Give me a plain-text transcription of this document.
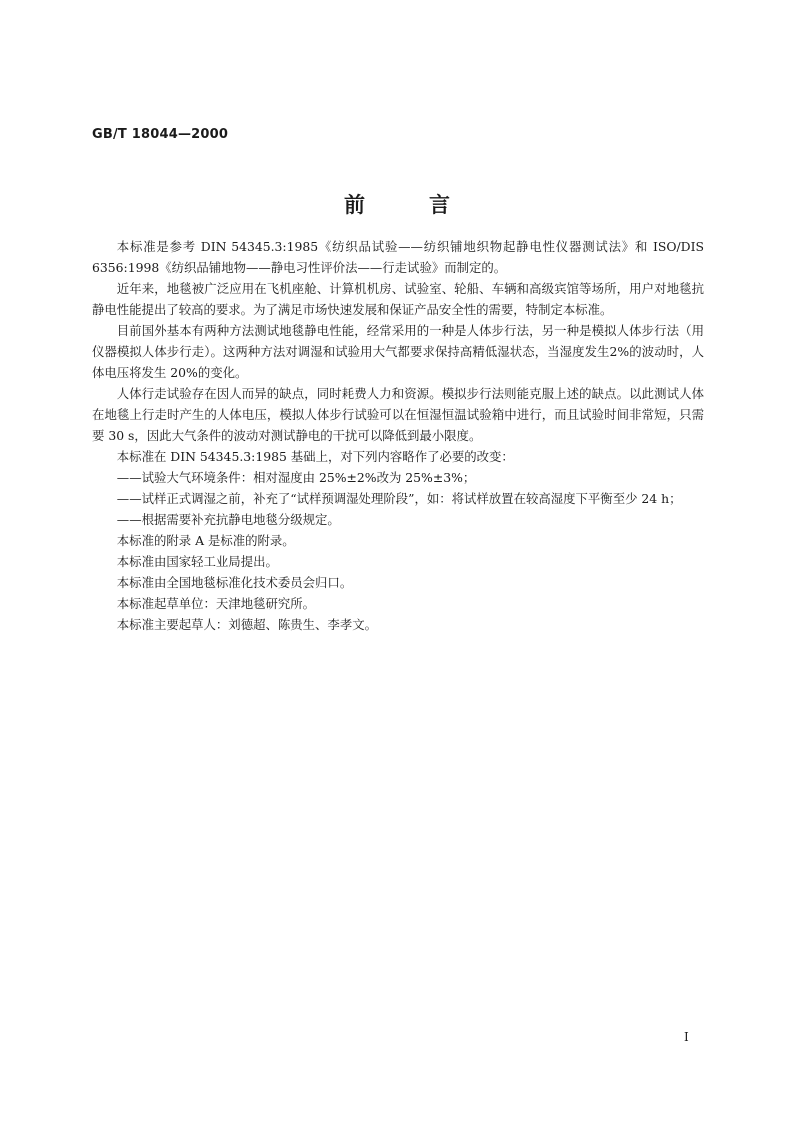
GB/T 18044—2000
前言

本标准是参考 DIN 54345.3:1985《纺织品试验——纺织铺地织物起静电性仪器测试法》和 ISO/DIS 6356:1998《纺织品铺地物——静电习性评价法——行走试验》而制定的。

近年来，地毯被广泛应用在飞机座舱、计算机机房、试验室、轮船、车辆和高级宾馆等场所，用户对地毯抗静电性能提出了较高的要求。为了满足市场快速发展和保证产品安全性的需要，特制定本标准。

目前国外基本有两种方法测试地毯静电性能，经常采用的一种是人体步行法，另一种是模拟人体步行法（用仪器模拟人体步行走）。这两种方法对调湿和试验用大气都要求保持高精低湿状态，当湿度发生2%的波动时，人体电压将发生 20%的变化。

人体行走试验存在因人而异的缺点，同时耗费人力和资源。模拟步行法则能克服上述的缺点。以此测试人体在地毯上行走时产生的人体电压，模拟人体步行试验可以在恒湿恒温试验箱中进行，而且试验时间非常短，只需要 30 s，因此大气条件的波动对测试静电的干扰可以降低到最小限度。

本标准在 DIN 54345.3:1985 基础上，对下列内容略作了必要的改变：

——试验大气环境条件：相对湿度由 25%±2%改为 25%±3%；

——试样正式调湿之前，补充了“试样预调湿处理阶段”，如：将试样放置在较高湿度下平衡至少 24 h；

——根据需要补充抗静电地毯分级规定。

本标准的附录 A 是标准的附录。

本标准由国家轻工业局提出。

本标准由全国地毯标准化技术委员会归口。

本标准起草单位：天津地毯研究所。

本标准主要起草人：刘德超、陈贵生、李孝文。

I
